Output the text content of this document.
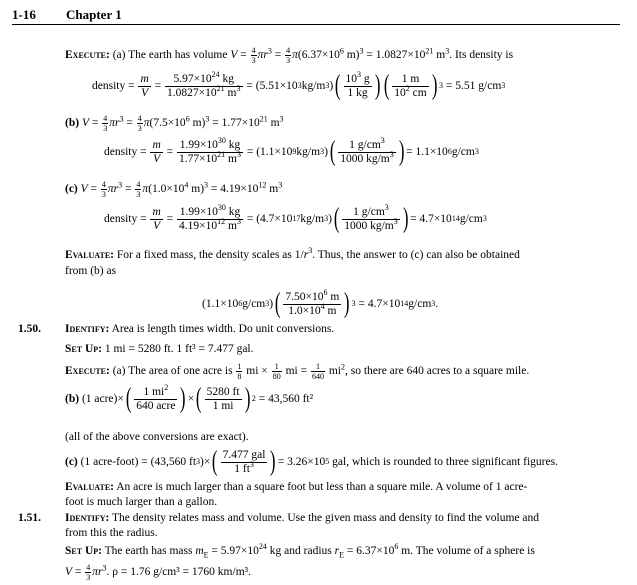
1-16 Chapter 1
Execute: (a) The earth has volume $V = \frac{4}{3} \pi r^3 = \frac{4}{3} \pi(6.37\times 10^6$ $m)^3 = 1.0827\times 10^{21}$ $m^3$. Its density is
density = $\frac{m}{V} = \frac{5.97\times 10^{24} kg}{1.0827\times 10^{21} m^3} = (5.51\times 10$ 3 kg/m 3 ) ( $\frac{10^3 g}{1 kg}$ ) ( $\frac{1 m}{10^2 cm}$ ) 3 = 5.51 g/cm 3
(b) $V = \frac{4}{3} \pi r^3 = \frac{4}{3} \pi(7.5\times 10^6$ $m)^3 = 1.77\times 10^{21}$ $m^3$
density = $\frac{m}{V} = \frac{1.99\times 10^{30} kg}{1.77\times 10^{21} m^3} = (1.1\times 10$ 9 kg/m 3 ) ( $\frac{1 g/cm^3}{1000 kg/m^3}$ ) = 1.1×10 6 g/cm 3
(c) $V = \frac{4}{3} \pi r^3 = \frac{4}{3} \pi(1.0\times 10^4$ $m)^3 = 4.19\times 10^{12}$ $m^3$
density = $\frac{m}{V} = \frac{1.99\times 10^{30} kg}{4.19\times 10^{12} m^3} = (4.7\times 10$ 17 kg/m 3 ) ( $\frac{1 g/cm^3}{1000 kg/m^3}$ ) = 4.7×10 14 g/cm 3
Evaluate: For a fixed mass, the density scales as $1/r^3$. Thus, the answer to (c) can also be obtained
from (b) as
(1.1×10 6 g/cm 3 ) ( $\frac{7.50\times 10^6 m}{1.0\times 10^4 m}$ ) 3 = 4.7×10 14 g/cm 3 .
1.50. Identify: Area is length times width. Do unit conversions.
Set Up: 1 mi = 5280 ft. 1 ft³ = 7.477 gal.
Execute: (a) The area of one acre is $\frac{1}{8}$ mi × $\frac{1}{80}$ mi = $\frac{1}{640} mi^2$, so there are 640 acres to a square mile.
(b) (1 acre)× ( $\frac{1 mi^2}{\text{640 acre}}$ ) × ( $\frac{5280 ft}{1 mi}$ ) 2
= 43,560 ft²
(all of the above conversions are exact).
(c) (1 acre-foot) = (43,560 ft 3 )× ( $\frac{\text{7.477 gal}}{1 ft^3}$ ) = 3.26×10 5
gal, which is rounded to three significant figures.
Evaluate: An acre is much larger than a square foot but less than a square mile. A volume of 1 acre-
foot is much larger than a gallon.
1.51. Identify: The density relates mass and volume. Use the given mass and density to find the volume and
from this the radius.
Set Up: The earth has mass $m_E = 5.97\times 10^{24}$ kg and radius $r_E = 6.37\times 10^6$ m. The volume of a sphere is
$V = \frac{4}{3} \pi r^3$. ρ = 1.76 g/cm³ = 1760 km/m³.
